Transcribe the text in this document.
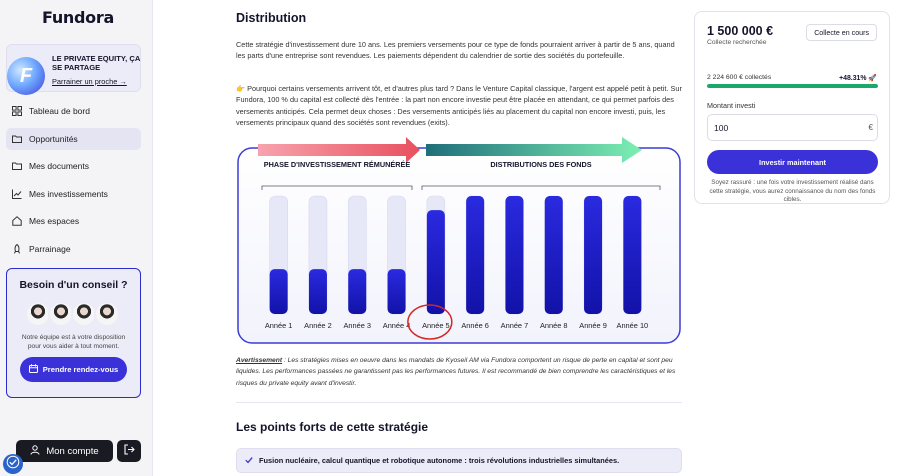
Fundora
F
LE PRIVATE EQUITY, ÇA SE PARTAGE
Parrainer un proche →
Tableau de bord
Opportunités
Mes documents
Mes investissements
Mes espaces
Parrainage
Besoin d'un conseil ?
Notre équipe est à votre disposition pour vous aider à tout moment.
Prendre rendez-vous
Mon compte
Distribution
Cette stratégie d'investissement dure 10 ans. Les premiers versements pour ce type de fonds pourraient arriver à partir de 5 ans, quand les parts d'une entreprise sont revendues. Les paiements dépendent du calendrier de sortie des sociétés du portefeuille.
👉 Pourquoi certains versements arrivent tôt, et d'autres plus tard ? Dans le Venture Capital classique, l'argent est appelé petit à petit. Sur Fundora, 100 % du capital est collecté dès l'entrée : la part non encore investie peut être placée en attendant, ce qui permet parfois des versements anticipés. Cela permet deux choses : Des versements anticipés liés au placement du capital non encore investi, puis, les versements principaux quand des sociétés sont revendues (exits).
PHASE D'INVESTISSEMENT RÉMUNÉRÉE	DISTRIBUTIONS DES FONDS
Année 1 Année 2 Année 3 Année 4 Année 5 Année 6 Année 7 Année 8 Année 9 Année 10
Avertissement : Les stratégies mises en oeuvre dans les mandats de Kyoseil AM via Fundora comportent un risque de perte en capital et sont peu liquides. Les performances passées ne garantissent pas les performances futures. Il est recommandé de bien comprendre les caractéristiques et les risques du private equity avant d'investir.
Les points forts de cette stratégie
Fusion nucléaire, calcul quantique et robotique autonome : trois révolutions industrielles simultanées.
1 500 000 €
Collecte recherchée
Collecte en cours
2 224 600 € collectés	+48.31% 🚀
Montant investi
100
€
Investir maintenant
Soyez rassuré : une fois votre investissement réalisé dans cette stratégie, vous aurez connaissance du nom des fonds cibles.
